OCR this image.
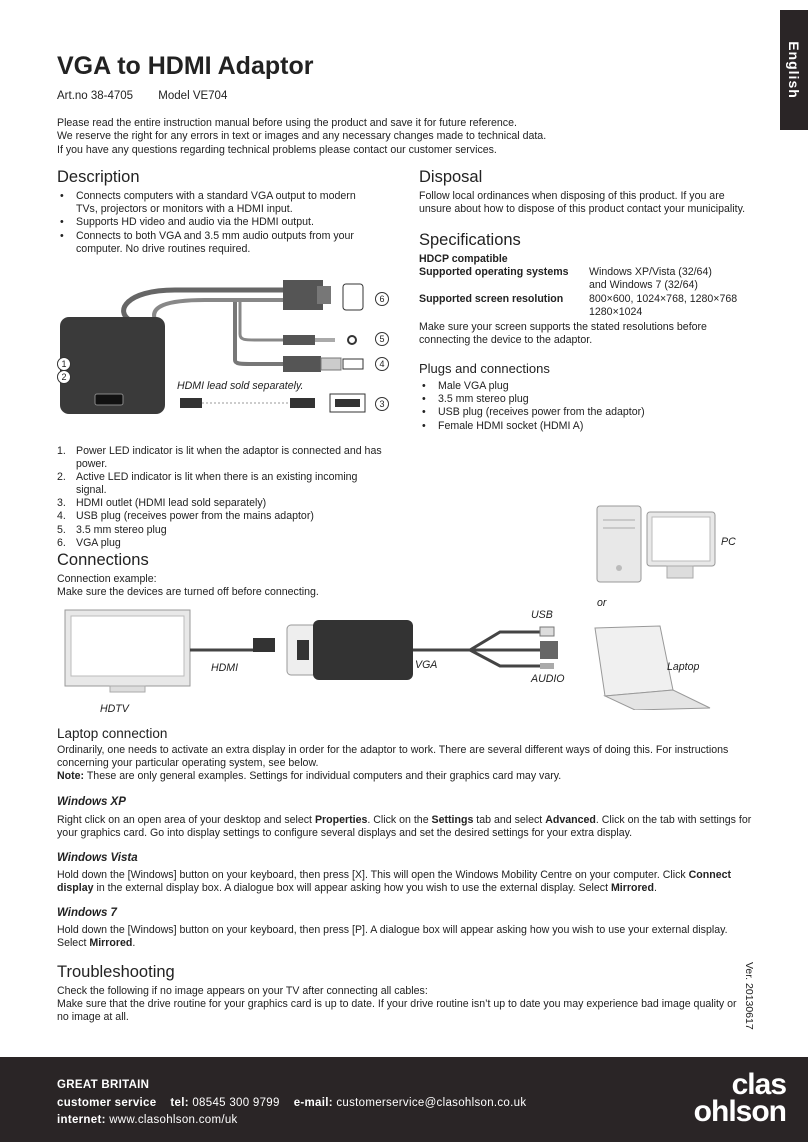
English
VGA to HDMI Adaptor
Art.no 38-4705 Model VE704
Please read the entire instruction manual before using the product and save it for future reference.
We reserve the right for any errors in text or images and any necessary changes made to technical data.
If you have any questions regarding technical problems please contact our customer services.
Description
• Connects computers with a standard VGA output to modern TVs, projectors or monitors with a HDMI input.
• Supports HD video and audio via the HDMI output.
• Connects to both VGA and 3.5 mm audio outputs from your computer. No drive routines required.
6
5
4
3
1
2
HDMI lead sold separately.
1. Power LED indicator is lit when the adaptor is connected and has power.
2. Active LED indicator is lit when there is an existing incoming signal.
3. HDMI outlet (HDMI lead sold separately)
4. USB plug (receives power from the mains adaptor)
5. 3.5 mm stereo plug
6. VGA plug
Disposal
Follow local ordinances when disposing of this product. If you are unsure about how to dispose of this product contact your municipality.
Specifications
HDCP compatible
Supported operating systems	Windows XP/Vista (32/64)
and Windows 7 (32/64)
Supported screen resolution	800×600, 1024×768, 1280×768
1280×1024
Make sure your screen supports the stated resolutions before connecting the device to the adaptor.
Plugs and connections
• Male VGA plug
• 3.5 mm stereo plug
• USB plug (receives power from the adaptor)
• Female HDMI socket (HDMI A)
Connections
Connection example:
Make sure the devices are turned off before connecting.
PC
or
USB
HDMI	VGA
AUDIO
Laptop
HDTV
Laptop connection
Ordinarily, one needs to activate an extra display in order for the adaptor to work. There are several different ways of doing this. For instructions concerning your particular operating system, see below.
Note: These are only general examples. Settings for individual computers and their graphics card may vary.
Windows XP
Right click on an open area of your desktop and select Properties. Click on the Settings tab and select Advanced. Click on the tab with settings for your graphics card. Go into display settings to configure several displays and set the desired settings for your extra display.
Windows Vista
Hold down the [Windows] button on your keyboard, then press [X]. This will open the Windows Mobility Centre on your computer. Click Connect display in the external display box. A dialogue box will appear asking how you wish to use the external display. Select Mirrored.
Windows 7
Hold down the [Windows] button on your keyboard, then press [P]. A dialogue box will appear asking how you wish to use your external display. Select Mirrored.
Troubleshooting
Check the following if no image appears on your TV after connecting all cables:
Make sure that the drive routine for your graphics card is up to date. If your drive routine isn’t up to date you may experience bad image quality or no image at all.	Ver. 20130617
GREAT BRITAIN
customer service tel: 08545 300 9799 e-mail: customerservice@clasohlson.co.uk
internet: www.clasohlson.com/uk
clas
ohlson
